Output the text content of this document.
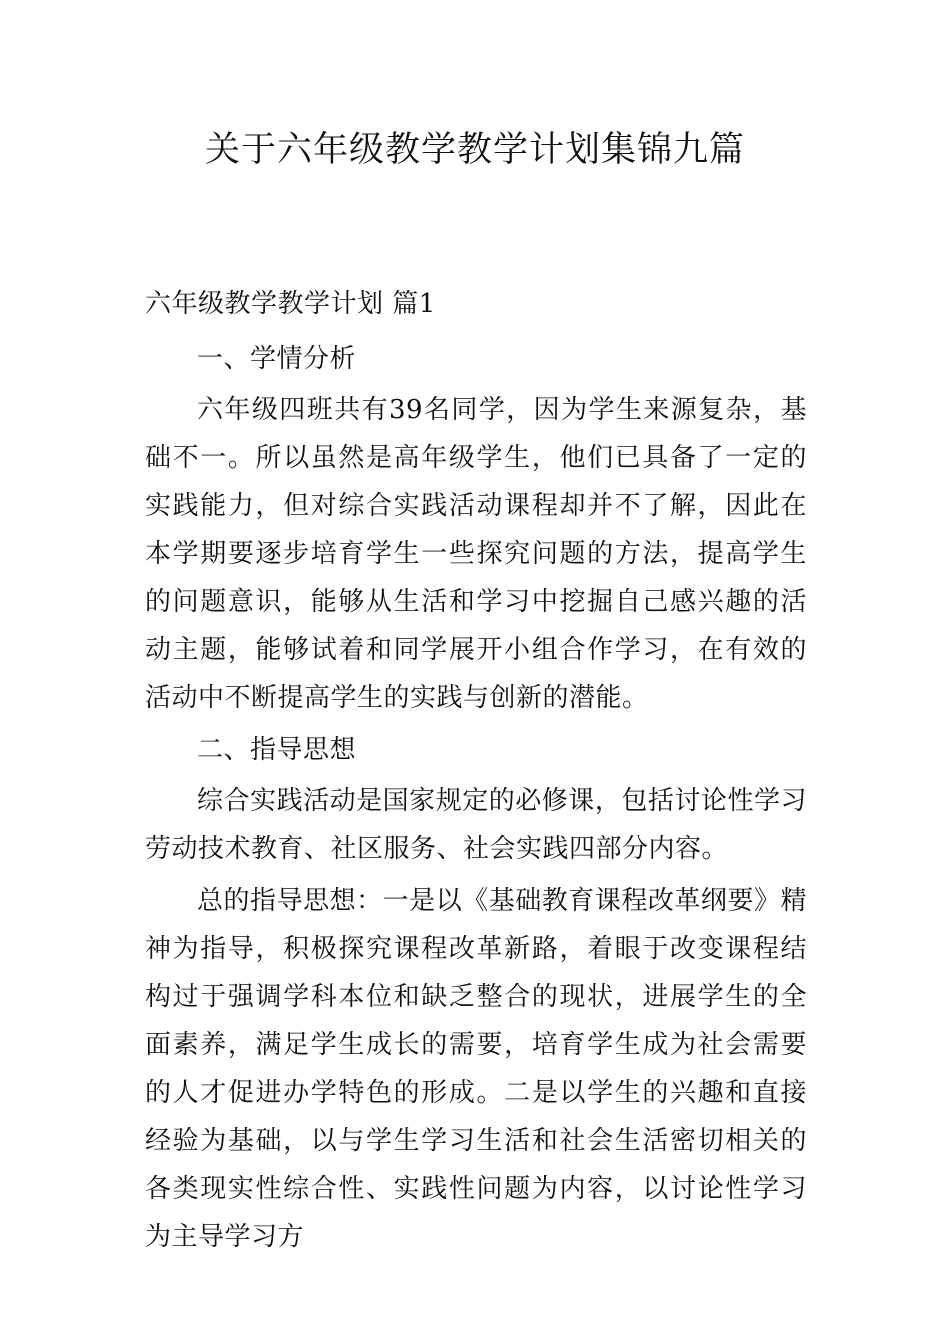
关于六年级教学教学计划集锦九篇

六年级教学教学计划 篇1

一、学情分析

六年级四班共有39名同学，因为学生来源复杂，基础不一。所以虽然是高年级学生，他们已具备了一定的实践能力，但对综合实践活动课程却并不了解，因此在本学期要逐步培育学生一些探究问题的方法，提高学生的问题意识，能够从生活和学习中挖掘自己感兴趣的活动主题，能够试着和同学展开小组合作学习，在有效的活动中不断提高学生的实践与创新的潜能。

二、指导思想

综合实践活动是国家规定的必修课，包括讨论性学习劳动技术教育、社区服务、社会实践四部分内容。

总的指导思想：一是以《基础教育课程改革纲要》精神为指导，积极探究课程改革新路，着眼于改变课程结构过于强调学科本位和缺乏整合的现状，进展学生的全面素养，满足学生成长的需要，培育学生成为社会需要的人才促进办学特色的形成。二是以学生的兴趣和直接经验为基础，以与学生学习生活和社会生活密切相关的各类现实性综合性、实践性问题为内容，以讨论性学习为主导学习方
